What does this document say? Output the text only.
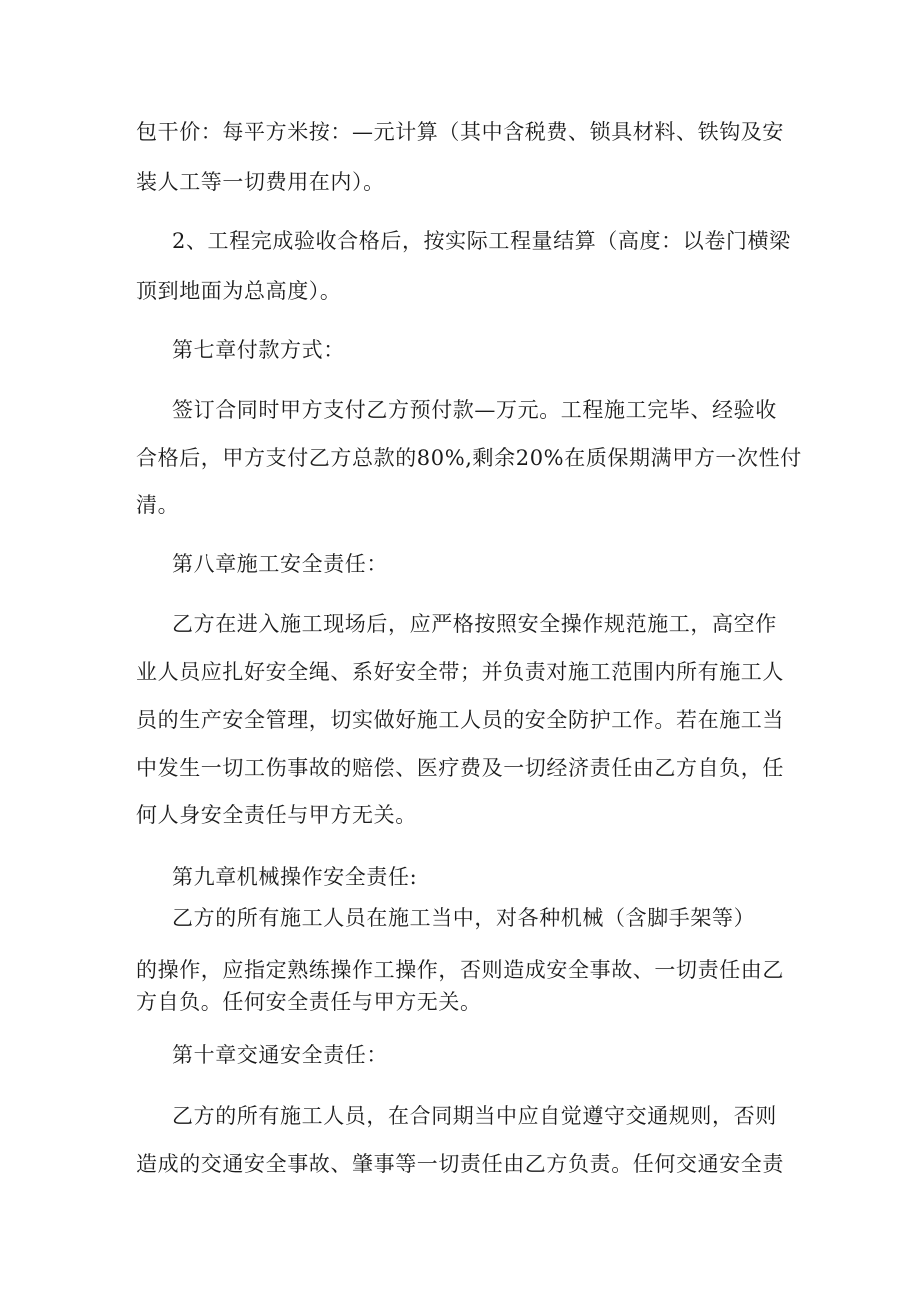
包干价：每平方米按：—元计算（其中含税费、锁具材料、铁钩及安
装人工等一切费用在内）。
2、工程完成验收合格后，按实际工程量结算（高度：以卷门横梁
顶到地面为总高度）。
第七章付款方式：
签订合同时甲方支付乙方预付款—万元。工程施工完毕、经验收
合格后，甲方支付乙方总款的80%,剩余20%在质保期满甲方一次性付
清。
第八章施工安全责任：
乙方在进入施工现场后，应严格按照安全操作规范施工，高空作
业人员应扎好安全绳、系好安全带；并负责对施工范围内所有施工人
员的生产安全管理，切实做好施工人员的安全防护工作。若在施工当
中发生一切工伤事故的赔偿、医疗费及一切经济责任由乙方自负，任
何人身安全责任与甲方无关。
第九章机械操作安全责任:
乙方的所有施工人员在施工当中，对各种机械（含脚手架等）
的操作，应指定熟练操作工操作，否则造成安全事故、一切责任由乙
方自负。任何安全责任与甲方无关。
第十章交通安全责任：
乙方的所有施工人员，在合同期当中应自觉遵守交通规则，否则
造成的交通安全事故、肇事等一切责任由乙方负责。任何交通安全责
